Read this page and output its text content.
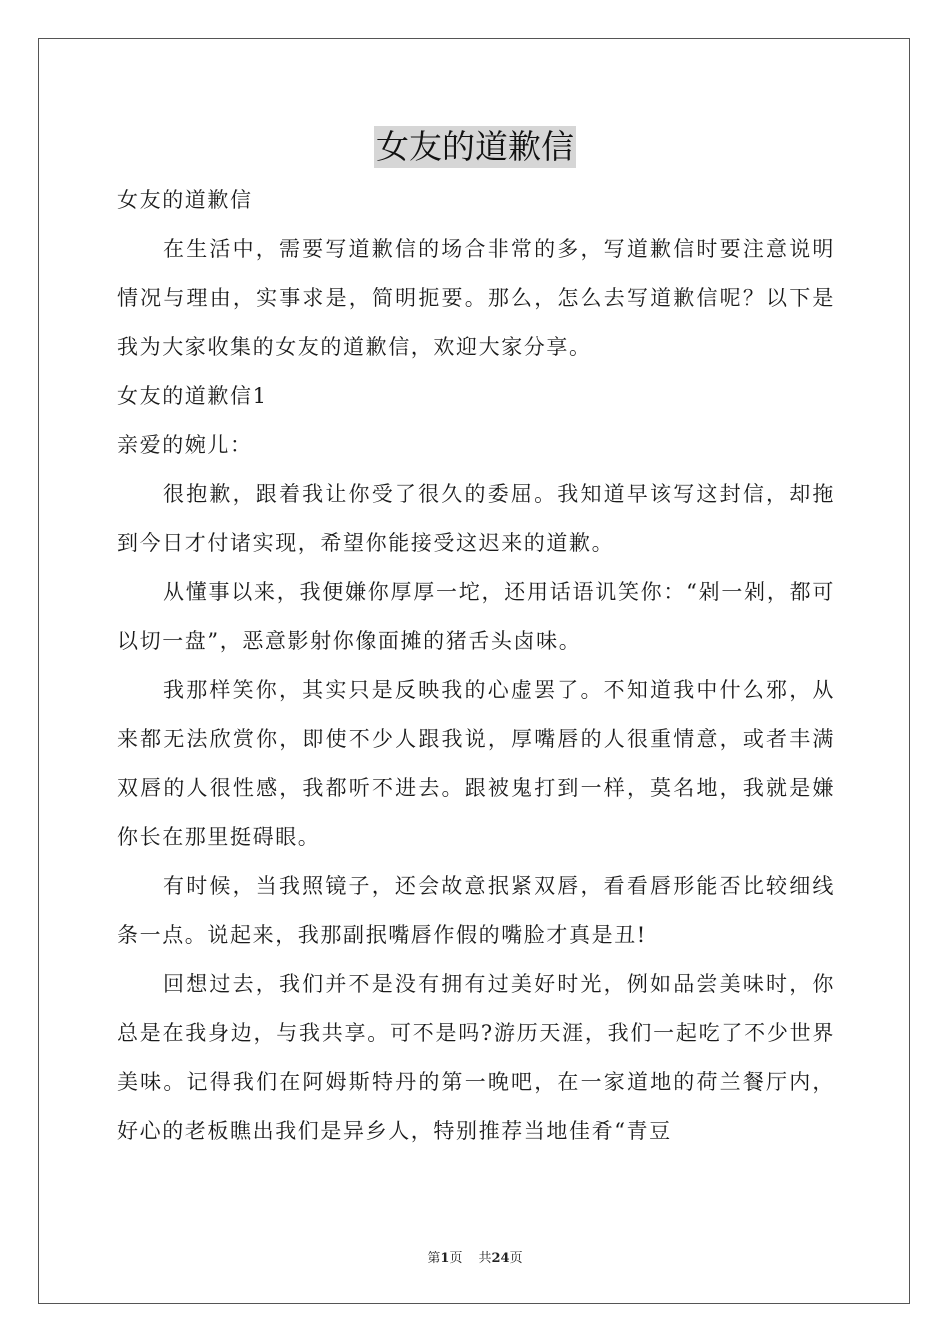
女友的道歉信

女友的道歉信

在生活中，需要写道歉信的场合非常的多，写道歉信时要注意说明情况与理由，实事求是，简明扼要。那么，怎么去写道歉信呢？以下是我为大家收集的女友的道歉信，欢迎大家分享。

女友的道歉信1

亲爱的婉儿：

很抱歉，跟着我让你受了很久的委屈。我知道早该写这封信，却拖到今日才付诸实现，希望你能接受这迟来的道歉。

从懂事以来，我便嫌你厚厚一坨，还用话语讥笑你：“剁一剁，都可以切一盘”，恶意影射你像面摊的猪舌头卤味。

我那样笑你，其实只是反映我的心虚罢了。不知道我中什么邪，从来都无法欣赏你，即使不少人跟我说，厚嘴唇的人很重情意，或者丰满双唇的人很性感，我都听不进去。跟被鬼打到一样，莫名地，我就是嫌你长在那里挺碍眼。

有时候，当我照镜子，还会故意抿紧双唇，看看唇形能否比较细线条一点。说起来，我那副抿嘴唇作假的嘴脸才真是丑!

回想过去，我们并不是没有拥有过美好时光，例如品尝美味时，你总是在我身边，与我共享。可不是吗?游历天涯，我们一起吃了不少世界美味。记得我们在阿姆斯特丹的第一晚吧，在一家道地的荷兰餐厅内，好心的老板瞧出我们是异乡人，特别推荐当地佳肴“青豆

第1页 共24页
